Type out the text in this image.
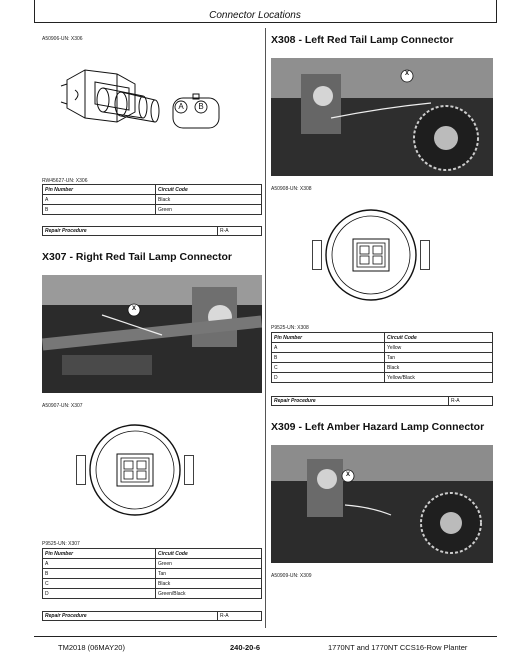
Connector Locations
A50906-UN: X306
A	B
RW45627-UN: X306
Pin Number	Circuit Code
A	Black
B	Green
Repair Procedure	R-A
X307 - Right Red Tail Lamp Connector
X
A50907-UN: X307
P9525-UN: X307
Pin Number	Circuit Code
A	Green
B	Tan
C	Black
D	Green/Black
Repair Procedure	R-A
X308 - Left Red Tail Lamp Connector
X
A50908-UN: X308
P9525-UN: X308
Pin Number	Circuit Code
A	Yellow
B	Tan
C	Black
D	Yellow/Black
Repair Procedure	R-A
X309 - Left Amber Hazard Lamp Connector
X
A50909-UN: X309
TM2018 (06MAY20)	240-20-6	1770NT and 1770NT CCS16-Row Planter
